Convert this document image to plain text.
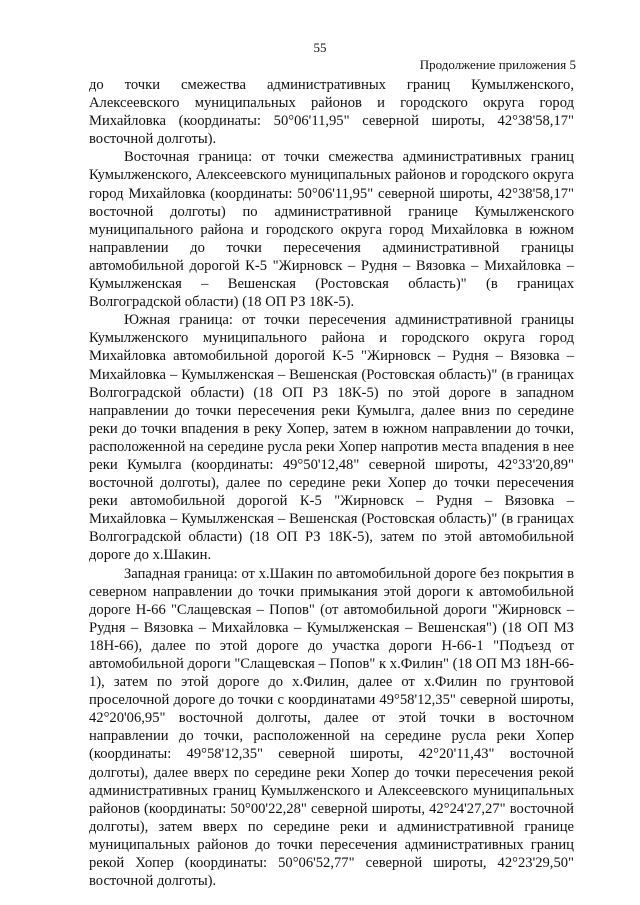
55
Продолжение приложения 5

до точки смежества административных границ Кумылженского, Алексеевского муниципальных районов и городского округа город Михайловка (координаты: 50°06'11,95" северной широты, 42°38'58,17" восточной долготы).

Восточная граница: от точки смежества административных границ Кумылженского, Алексеевского муниципальных районов и городского округа город Михайловка (координаты: 50°06'11,95" северной широты, 42°38'58,17" восточной долготы) по административной границе Кумылженского муниципального района и городского округа город Михайловка в южном направлении до точки пересечения административной границы автомобильной дорогой К-5 "Жирновск – Рудня – Вязовка – Михайловка – Кумылженская – Вешенская (Ростовская область)" (в границах Волгоградской области) (18 ОП РЗ 18К-5).

Южная граница: от точки пересечения административной границы Кумылженского муниципального района и городского округа город Михайловка автомобильной дорогой К-5 "Жирновск – Рудня – Вязовка – Михайловка – Кумылженская – Вешенская (Ростовская область)" (в границах Волгоградской области) (18 ОП РЗ 18К-5) по этой дороге в западном направлении до точки пересечения реки Кумылга, далее вниз по середине реки до точки впадения в реку Хопер, затем в южном направлении до точки, расположенной на середине русла реки Хопер напротив места впадения в нее реки Кумылга (координаты: 49°50'12,48" северной широты, 42°33'20,89" восточной долготы), далее по середине реки Хопер до точки пересечения реки автомобильной дорогой К-5 "Жирновск – Рудня – Вязовка – Михайловка – Кумылженская – Вешенская (Ростовская область)" (в границах Волгоградской области) (18 ОП РЗ 18К-5), затем по этой автомобильной дороге до х.Шакин.

Западная граница: от х.Шакин по автомобильной дороге без покрытия в северном направлении до точки примыкания этой дороги к автомобильной дороге Н-66 "Слащевская – Попов" (от автомобильной дороги "Жирновск – Рудня – Вязовка – Михайловка – Кумылженская – Вешенская") (18 ОП МЗ 18Н-66), далее по этой дороге до участка дороги Н-66-1 "Подъезд от автомобильной дороги "Слащевская – Попов" к х.Филин" (18 ОП МЗ 18Н-66-1), затем по этой дороге до х.Филин, далее от х.Филин по грунтовой проселочной дороге до точки с координатами 49°58'12,35" северной широты, 42°20'06,95" восточной долготы, далее от этой точки в восточном направлении до точки, расположенной на середине русла реки Хопер (координаты: 49°58'12,35" северной широты, 42°20'11,43" восточной долготы), далее вверх по середине реки Хопер до точки пересечения рекой административных границ Кумылженского и Алексеевского муниципальных районов (координаты: 50°00'22,28" северной широты, 42°24'27,27" восточной долготы), затем вверх по середине реки и административной границе муниципальных районов до точки пересечения административных границ рекой Хопер (координаты: 50°06'52,77" северной широты, 42°23'29,50" восточной долготы).
